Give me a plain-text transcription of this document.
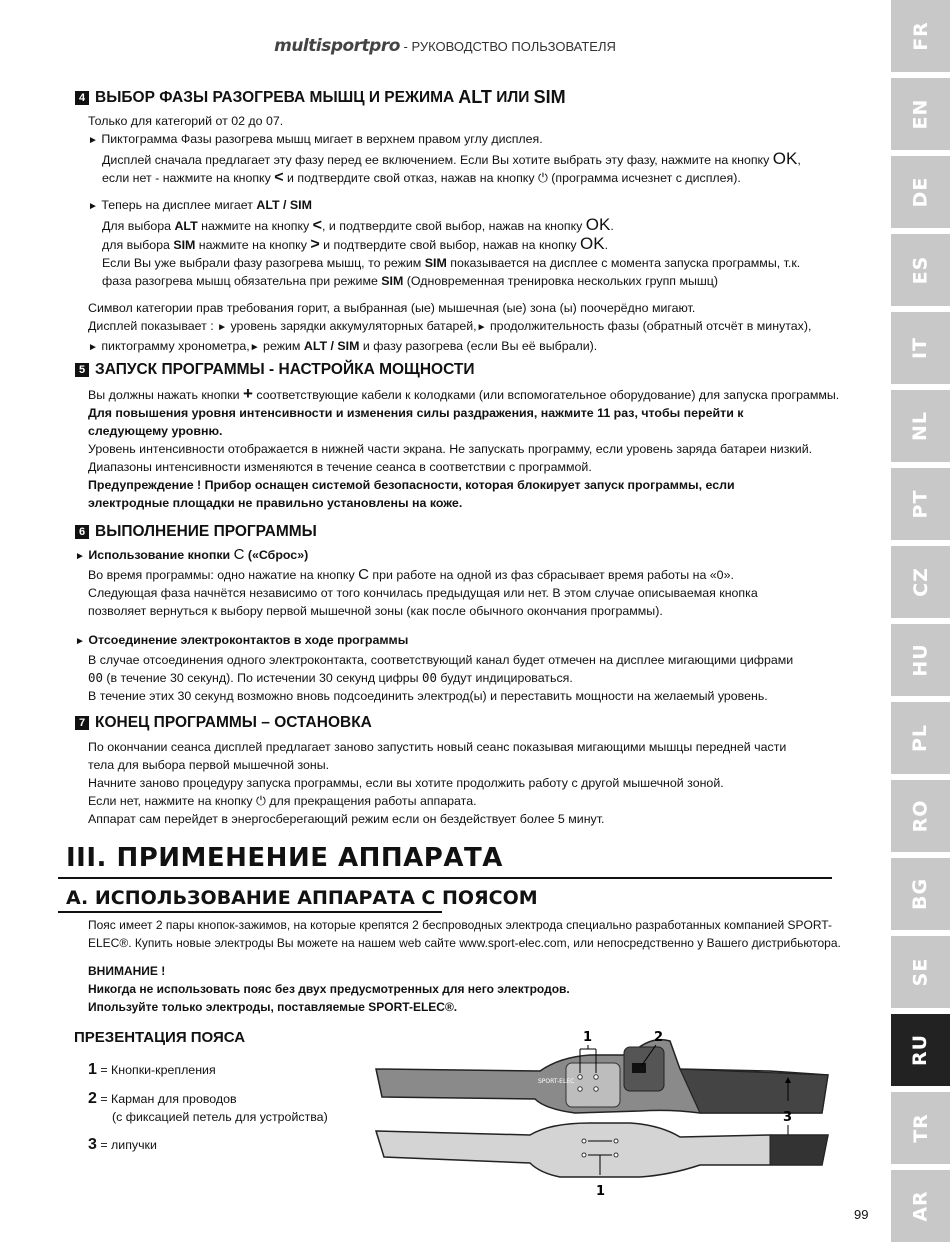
multisportpro - РУКОВОДСТВО ПОЛЬЗОВАТЕЛЯ
4 ВЫБОР ФАЗЫ РАЗОГРЕВА МЫШЦ И РЕЖИМА ALT ИЛИ SIM

Только для категорий от 02 до 07.

► Пиктограмма Фазы разогрева мышц мигает в верхнем правом углу дисплея.

Дисплей сначала предлагает эту фазу перед ее включением. Если Вы хотите выбрать эту фазу, нажмите на кнопку OK,

если нет - нажмите на кнопку < и подтвердите свой отказ, нажав на кнопку ⏻ (программа исчезнет с дисплея).

► Теперь на дисплее мигает ALT / SIM

Для выбора ALT нажмите на кнопку <, и подтвердите свой выбор, нажав на кнопку OK.

для выбора SIM нажмите на кнопку > и подтвердите свой выбор, нажав на кнопку OK.

Если Вы уже выбрали фазу разогрева мышц, то режим SIM показывается на дисплее с момента запуска программы, т.к.

фаза разогрева мышц обязательна при режиме SIM (Одновременная тренировка нескольких групп мышц)

Символ категории прав требования горит, а выбранная (ые) мышечная (ые) зона (ы) поочерёдно мигают.

Дисплей показывает : ► уровень зарядки аккумуляторных батарей,► продолжительность фазы (обратный отсчёт в минутах),

► пиктограмму хронометра,► режим ALT / SIM и фазу разогрева (если Вы её выбрали).

5 ЗАПУСК ПРОГРАММЫ - НАСТРОЙКА МОЩНОСТИ

Вы должны нажать кнопки + соответствующие кабели к колодками (или вспомогательное оборудование) для запуска программы.

Для повышения уровня интенсивности и изменения силы раздражения, нажмите 11 раз, чтобы перейти к

следующему уровню.

Уровень интенсивности отображается в нижней части экрана. Не запускать программу, если уровень заряда батареи низкий.

Диапазоны интенсивности изменяются в течение сеанса в соответствии с программой.

Предупреждение ! Прибор оснащен системой безопасности, которая блокирует запуск программы, если

электродные площадки не правильно установлены на коже.

6 ВЫПОЛНЕНИЕ ПРОГРАММЫ

► Использование кнопки C («Сброс»)

Во время программы: одно нажатие на кнопку C при работе на одной из фаз сбрасывает время работы на «0».

Следующая фаза начнётся независимо от того кончилась предыдущая или нет. В этом случае описываемая кнопка

позволяет вернуться к выбору первой мышечной зоны (как после обычного окончания программы).

► Отсоединение электроконтактов в ходе программы

В случае отсоединения одного электроконтакта, соответствующий канал будет отмечен на дисплее мигающими цифрами

00 (в течение 30 секунд). По истечении 30 секунд цифры 00 будут индицироваться.

В течение этих 30 секунд возможно вновь подсоединить электрод(ы) и переставить мощности на желаемый уровень.

7 КОНЕЦ ПРОГРАММЫ – ОСТАНОВКА

По окончании сеанса дисплей предлагает заново запустить новый сеанс показывая мигающими мышцы передней части

тела для выбора первой мышечной зоны.

Начните заново процедуру запуска программы, если вы хотите продолжить работу с другой мышечной зоной.

Если нет, нажмите на кнопку ⏻ для прекращения работы аппарата.

Аппарат сам перейдет в энергосберегающий режим если он бездействует более 5 минут.

III. ПРИМЕНЕНИЕ АППАРАТА
A. ИСПОЛЬЗОВАНИЕ АППАРАТА С ПОЯСОМ

Пояс имеет 2 пары кнопок-зажимов, на которые крепятся 2 беспроводных электрода специально разработанных компанией SPORT-

ELEC®. Купить новые электроды Вы можете на нашем web сайте www.sport-elec.com, или непосредственно у Вашего дистрибьютора.

ВНИМАНИЕ !

Никогда не использовать пояс без двух предусмотренных для него электродов.

Ипользуйте только электроды, поставляемые SPORT-ELEC®.

ПРЕЗЕНТАЦИЯ ПОЯСА
1 = Кнопки-крепления
2 = Карман для проводов
(с фиксацией петель для устройства)
3 = липучки
SPORT-ELEC
1	2
3
1
99
FR
EN
DE
ES
IT
NL
PT
CZ
HU
PL
RO
BG
SE
RU
TR
AR
